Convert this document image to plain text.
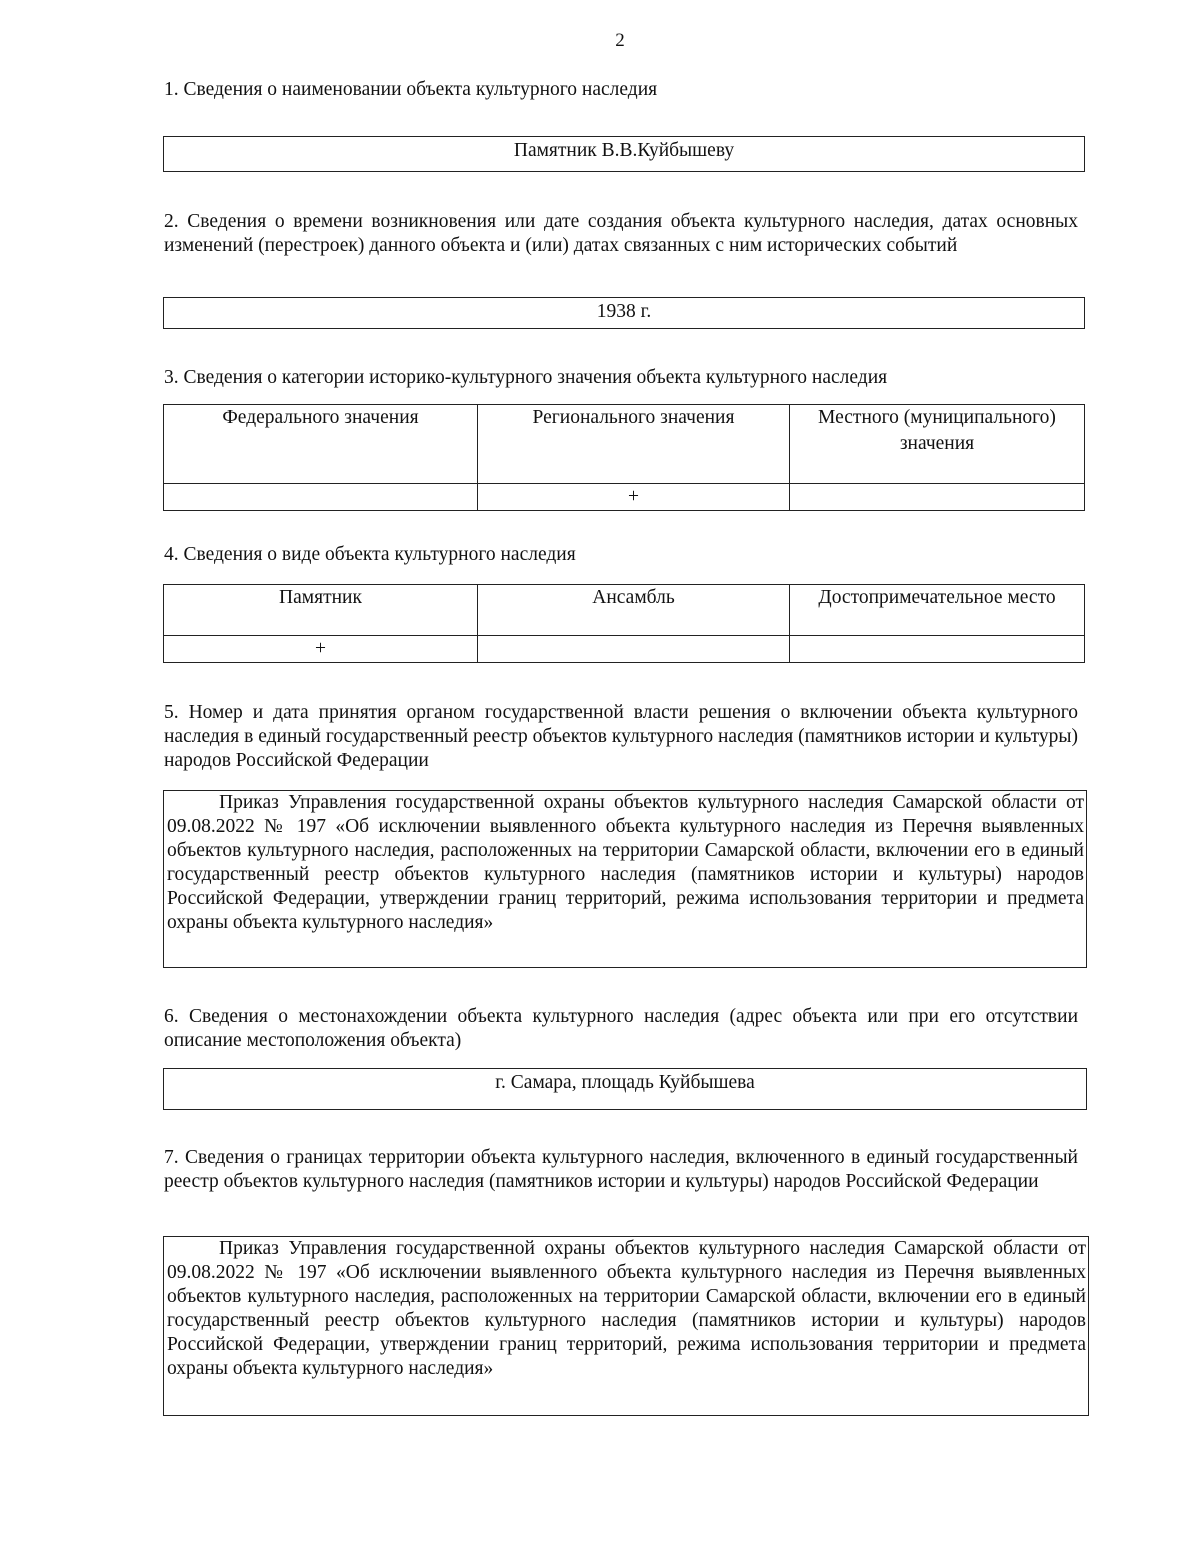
2
1. Сведения о наименовании объекта культурного наследия
Памятник В.В.Куйбышеву
2. Сведения о времени возникновения или дате создания объекта культурного наследия, датах основных изменений (перестроек) данного объекта и (или) датах связанных с ним исторических событий
1938 г.
3. Сведения о категории историко-культурного значения объекта культурного наследия
Федерального значения	Регионального значения	Местного (муниципального) значения
	+	
4. Сведения о виде объекта культурного наследия
Памятник	Ансамбль	Достопримечательное место
+		
5. Номер и дата принятия органом государственной власти решения о включении объекта культурного наследия в единый государственный реестр объектов культурного наследия (памятников истории и культуры) народов Российской Федерации
Приказ Управления государственной охраны объектов культурного наследия Самарской области от 09.08.2022 № 197 «Об исключении выявленного объекта культурного наследия из Перечня выявленных объектов культурного наследия, расположенных на территории Самарской области, включении его в единый государственный реестр объектов культурного наследия (памятников истории и культуры) народов Российской Федерации, утверждении границ территорий, режима использования территории и предмета охраны объекта культурного наследия»
6. Сведения о местонахождении объекта культурного наследия (адрес объекта или при его отсутствии описание местоположения объекта)
г. Самара, площадь Куйбышева
7. Сведения о границах территории объекта культурного наследия, включенного в единый государственный реестр объектов культурного наследия (памятников истории и культуры) народов Российской Федерации
Приказ Управления государственной охраны объектов культурного наследия Самарской области от 09.08.2022 № 197 «Об исключении выявленного объекта культурного наследия из Перечня выявленных объектов культурного наследия, расположенных на территории Самарской области, включении его в единый государственный реестр объектов культурного наследия (памятников истории и культуры) народов Российской Федерации, утверждении границ территорий, режима использования территории и предмета охраны объекта культурного наследия»
